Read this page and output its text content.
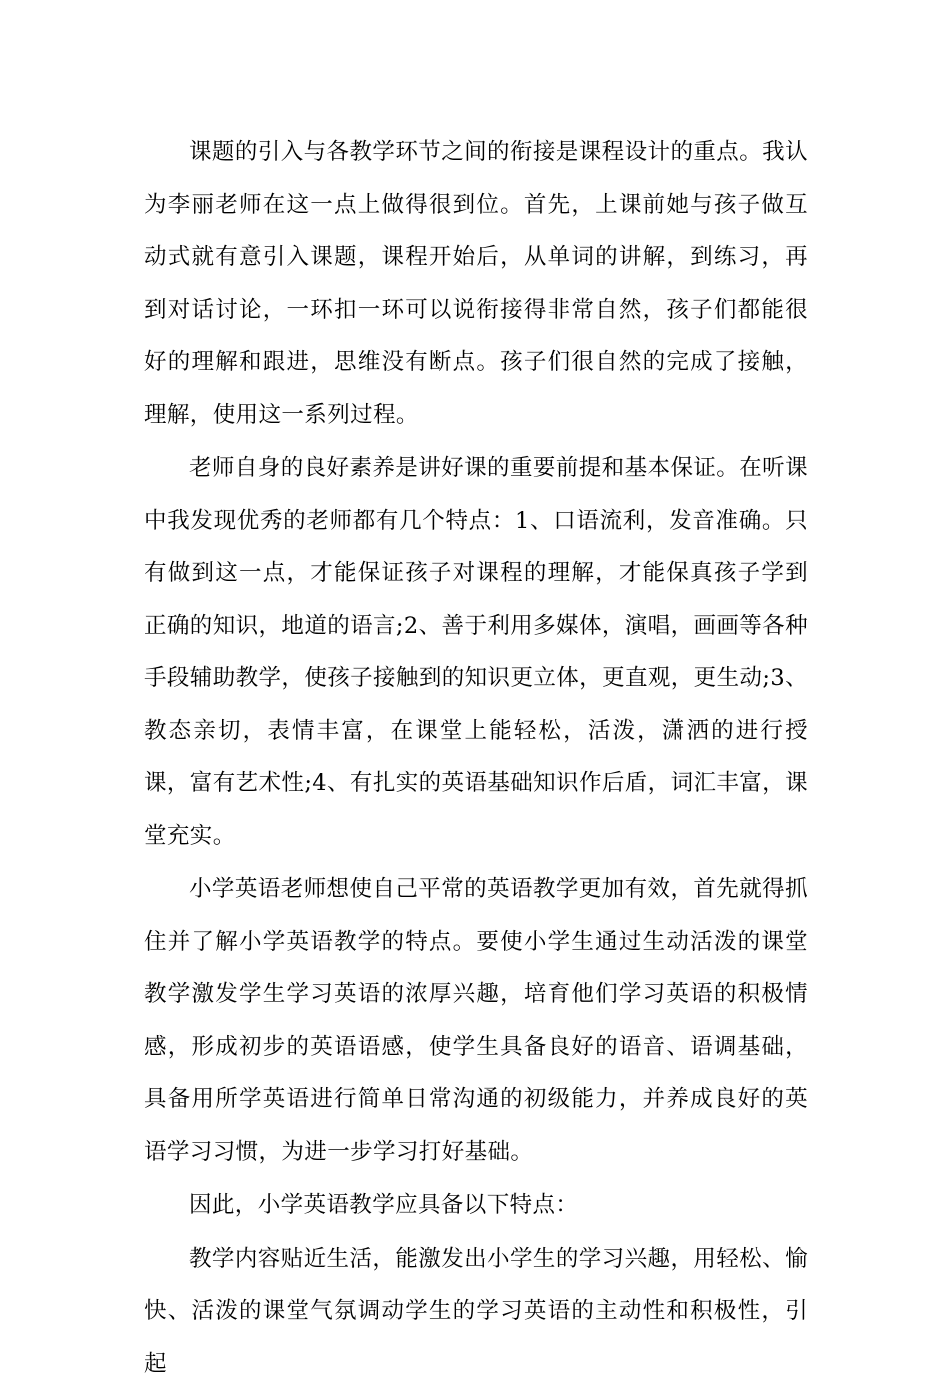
课题的引入与各教学环节之间的衔接是课程设计的重点。我认为李丽老师在这一点上做得很到位。首先，上课前她与孩子做互动式就有意引入课题，课程开始后，从单词的讲解，到练习，再到对话讨论，一环扣一环可以说衔接得非常自然，孩子们都能很好的理解和跟进，思维没有断点。孩子们很自然的完成了接触，理解，使用这一系列过程。

老师自身的良好素养是讲好课的重要前提和基本保证。在听课中我发现优秀的老师都有几个特点：1、口语流利，发音准确。只有做到这一点，才能保证孩子对课程的理解，才能保真孩子学到正确的知识，地道的语言;2、善于利用多媒体，演唱，画画等各种手段辅助教学，使孩子接触到的知识更立体，更直观，更生动;3、教态亲切，表情丰富，在课堂上能轻松，活泼，潇洒的进行授课，富有艺术性;4、有扎实的英语基础知识作后盾，词汇丰富，课堂充实。

小学英语老师想使自己平常的英语教学更加有效，首先就得抓住并了解小学英语教学的特点。要使小学生通过生动活泼的课堂教学激发学生学习英语的浓厚兴趣，培育他们学习英语的积极情感，形成初步的英语语感，使学生具备良好的语音、语调基础，具备用所学英语进行简单日常沟通的初级能力，并养成良好的英语学习习惯，为进一步学习打好基础。

因此，小学英语教学应具备以下特点：

教学内容贴近生活，能激发出小学生的学习兴趣，用轻松、愉快、活泼的课堂气氛调动学生的学习英语的主动性和积极性，引起
